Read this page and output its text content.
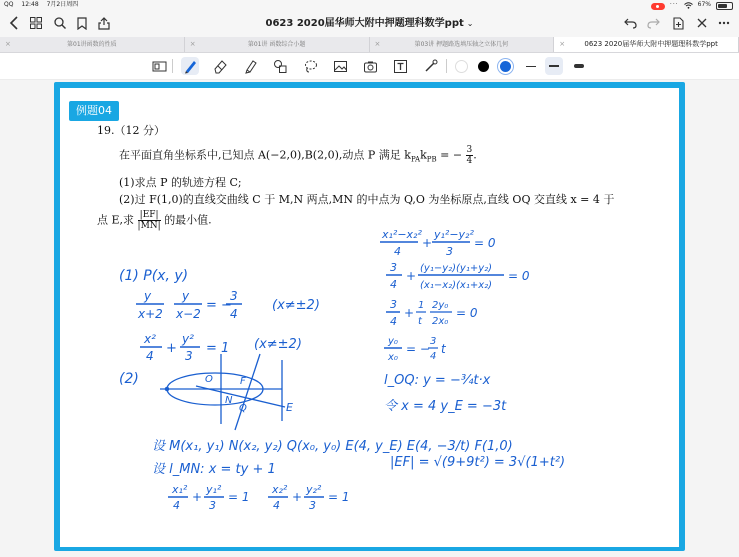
QQ 12:48 7月2日周四	···	67%
0623 2020届华师大附中押题理科数学ppt ⌄
×	第01讲函数的性质	×	第01讲 函数综合小题	×	第03讲 押题路选填压轴之立体几何	×	0623 2020届华师大附中押题理科数学ppt
例题04
19.（12 分）
在平面直角坐标系中,已知点 A(−2,0),B(2,0),动点 P 满足 $k_{PA}k_{PB}$ = − $\frac{3}{4}$ .
(1)求点 P 的轨迹方程 C;
(2)过 F(1,0)的直线交曲线 C 于 M,N 两点,MN 的中点为 Q,O 为坐标原点,直线 OQ 交直线 x = 4 于
点 E,求 $\frac{|EF|}{|MN|}$ 的最小值.
(1) P(x, y)
y
x+2
y
x−2
= −
3
4
(x≠±2)
x²
4 +
y²
3 = 1 (x≠±2)
(2)	O	F
N
Q	E
设 M(x₁, y₁) N(x₂, y₂) Q(x₀, y₀) E(4, y_E) E(4, −3/t) F(1,0)
设 l_MN: x = ty + 1
x₁²
4
+
y₁²
3
= 1
x₂²
4
+
y₂²
3
= 1
x₁²−x₂²
4
+
y₁²−y₂²
3
= 0
3
4
+
(y₁−y₂)(y₁+y₂)
(x₁−x₂)(x₁+x₂)
= 0
3
4
+
1
t
2y₀
2x₀
= 0
y₀
x₀
= −
3
4
t
l_OQ: y = −¾t·x
令 x = 4 y_E = −3t
|EF| = √(9+9t²) = 3√(1+t²)
